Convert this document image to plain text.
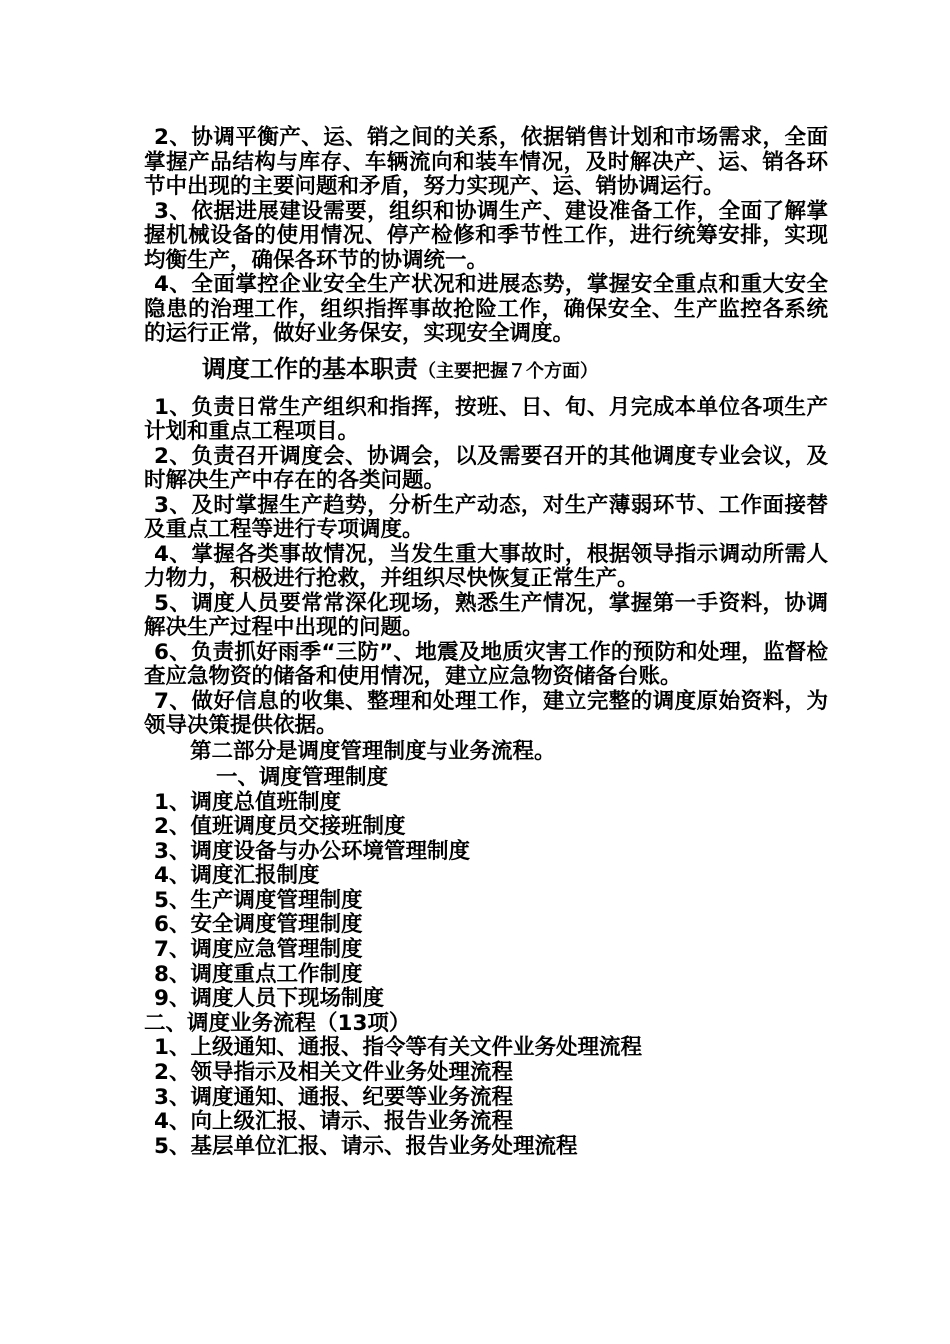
2、协调平衡产、运、销之间的关系，依据销售计划和市场需求，全面掌握产品结构与库存、车辆流向和装车情况，及时解决产、运、销各环节中出现的主要问题和矛盾，努力实现产、运、销协调运行。

3、依据进展建设需要，组织和协调生产、建设准备工作，全面了解掌握机械设备的使用情况、停产检修和季节性工作，进行统筹安排，实现均衡生产，确保各环节的协调统一。

4、全面掌控企业安全生产状况和进展态势，掌握安全重点和重大安全隐患的治理工作，组织指挥事故抢险工作，确保安全、生产监控各系统的运行正常，做好业务保安，实现安全调度。

调度工作的基本职责（主要把握７个方面）

1、负责日常生产组织和指挥，按班、日、旬、月完成本单位各项生产计划和重点工程项目。

2、负责召开调度会、协调会，以及需要召开的其他调度专业会议，及时解决生产中存在的各类问题。

3、及时掌握生产趋势，分析生产动态，对生产薄弱环节、工作面接替及重点工程等进行专项调度。

4、掌握各类事故情况，当发生重大事故时，根据领导指示调动所需人力物力，积极进行抢救，并组织尽快恢复正常生产。

5、调度人员要常常深化现场，熟悉生产情况，掌握第一手资料，协调解决生产过程中出现的问题。

6、负责抓好雨季“三防”、地震及地质灾害工作的预防和处理，监督检查应急物资的储备和使用情况，建立应急物资储备台账。

7、做好信息的收集、整理和处理工作，建立完整的调度原始资料，为领导决策提供依据。

第二部分是调度管理制度与业务流程。

一、调度管理制度

1、调度总值班制度

2、值班调度员交接班制度

3、调度设备与办公环境管理制度

4、调度汇报制度

5、生产调度管理制度

6、安全调度管理制度

7、调度应急管理制度

8、调度重点工作制度

9、调度人员下现场制度

二、调度业务流程（13项）

1、上级通知、通报、指令等有关文件业务处理流程

2、领导指示及相关文件业务处理流程

3、调度通知、通报、纪要等业务流程

4、向上级汇报、请示、报告业务流程

5、基层单位汇报、请示、报告业务处理流程
